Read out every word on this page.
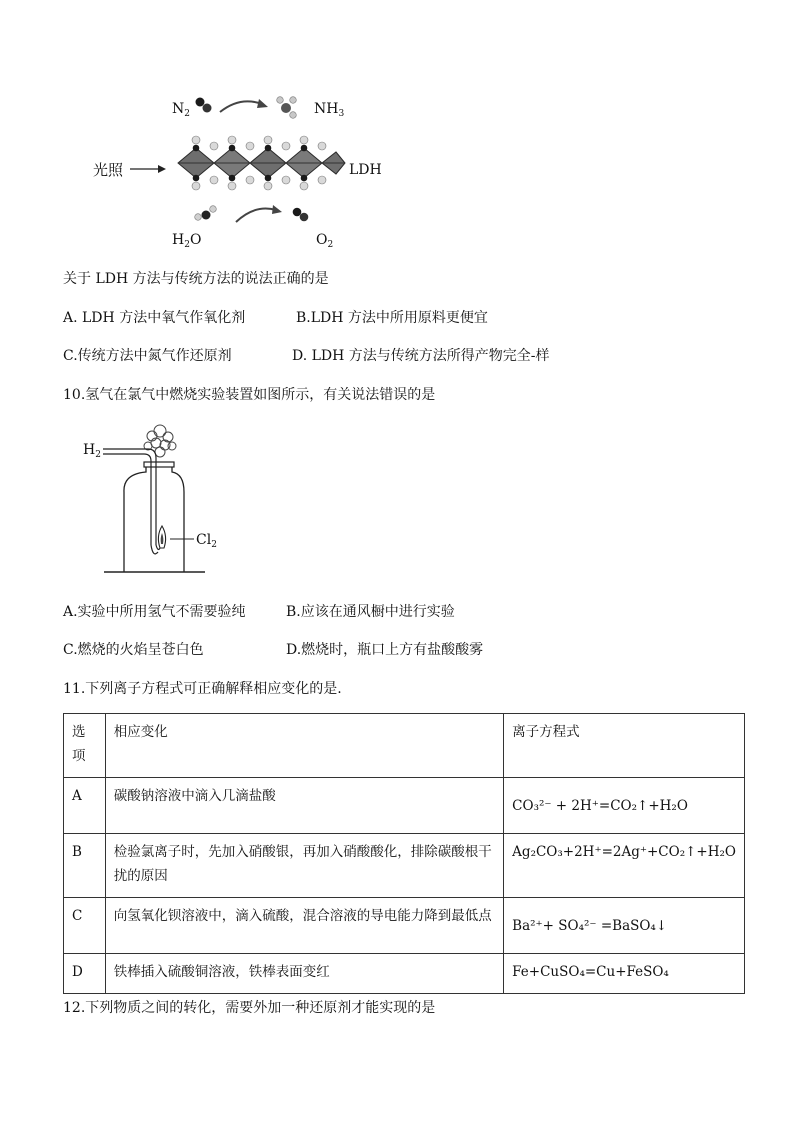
$N_2$	$NH_3$
光照	LDH
$H_2O$	$O_2$
关于 LDH 方法与传统方法的说法正确的是
A. LDH 方法中氧气作氧化剂	B.LDH 方法中所用原料更便宜
C.传统方法中氮气作还原剂	D. LDH 方法与传统方法所得产物完全-样
10.氢气在氯气中燃烧实验装置如图所示，有关说法错误的是
$H_2$
$Cl_2$
A.实验中所用氢气不需要验纯	B.应该在通风橱中进行实验
C.燃烧的火焰呈苍白色	D.燃烧时，瓶口上方有盐酸酸雾
11.下列离子方程式可正确解释相应变化的是.
选项	相应变化	离子方程式
A	碳酸钠溶液中滴入几滴盐酸	CO₃²⁻ + 2H⁺=CO₂↑+H₂O
B	检验氯离子时，先加入硝酸银，再加入硝酸酸化，排除碳酸根干扰的原因	Ag₂CO₃+2H⁺=2Ag⁺+CO₂↑+H₂O
C	向氢氧化钡溶液中，滴入硫酸，混合溶液的导电能力降到最低点	Ba²⁺+ SO₄²⁻ =BaSO₄↓
D	铁棒插入硫酸铜溶液，铁棒表面变红	Fe+CuSO₄=Cu+FeSO₄
12.下列物质之间的转化，需要外加一种还原剂才能实现的是
